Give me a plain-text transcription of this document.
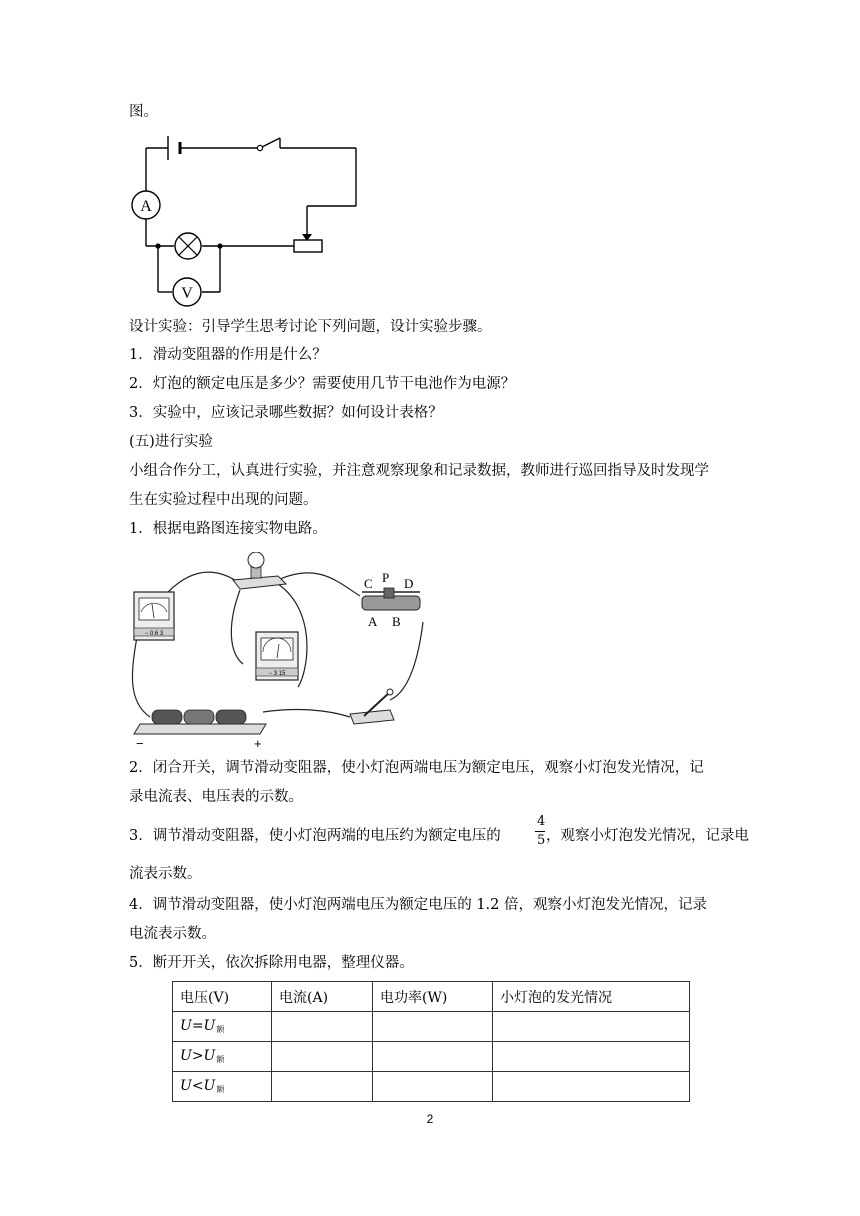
图。
A
V
设计实验：引导学生思考讨论下列问题，设计实验步骤。
1．滑动变阻器的作用是什么？
2．灯泡的额定电压是多少？需要使用几节干电池作为电源？
3．实验中，应该记录哪些数据？如何设计表格？
(五)进行实验
小组合作分工，认真进行实验，并注意观察现象和记录数据，教师进行巡回指导及时发现学
生在实验过程中出现的问题。
1．根据电路图连接实物电路。
− 0.6 3
− 3 15
C P D
A B
−	+
2．闭合开关，调节滑动变阻器，使小灯泡两端电压为额定电压，观察小灯泡发光情况，记
录电流表、电压表的示数。
3．调节滑动变阻器，使小灯泡两端的电压约为额定电压的
4
5 ，观察小灯泡发光情况，记录电
流表示数。
4．调节滑动变阻器，使小灯泡两端电压为额定电压的 1.2 倍，观察小灯泡发光情况，记录
电流表示数。
5．断开开关，依次拆除用电器，整理仪器。
电压(V)	电流(A)	电功率(W)	小灯泡的发光情况
$U=U_额$			
$U>U_额$			
$U<U_额$			
2
